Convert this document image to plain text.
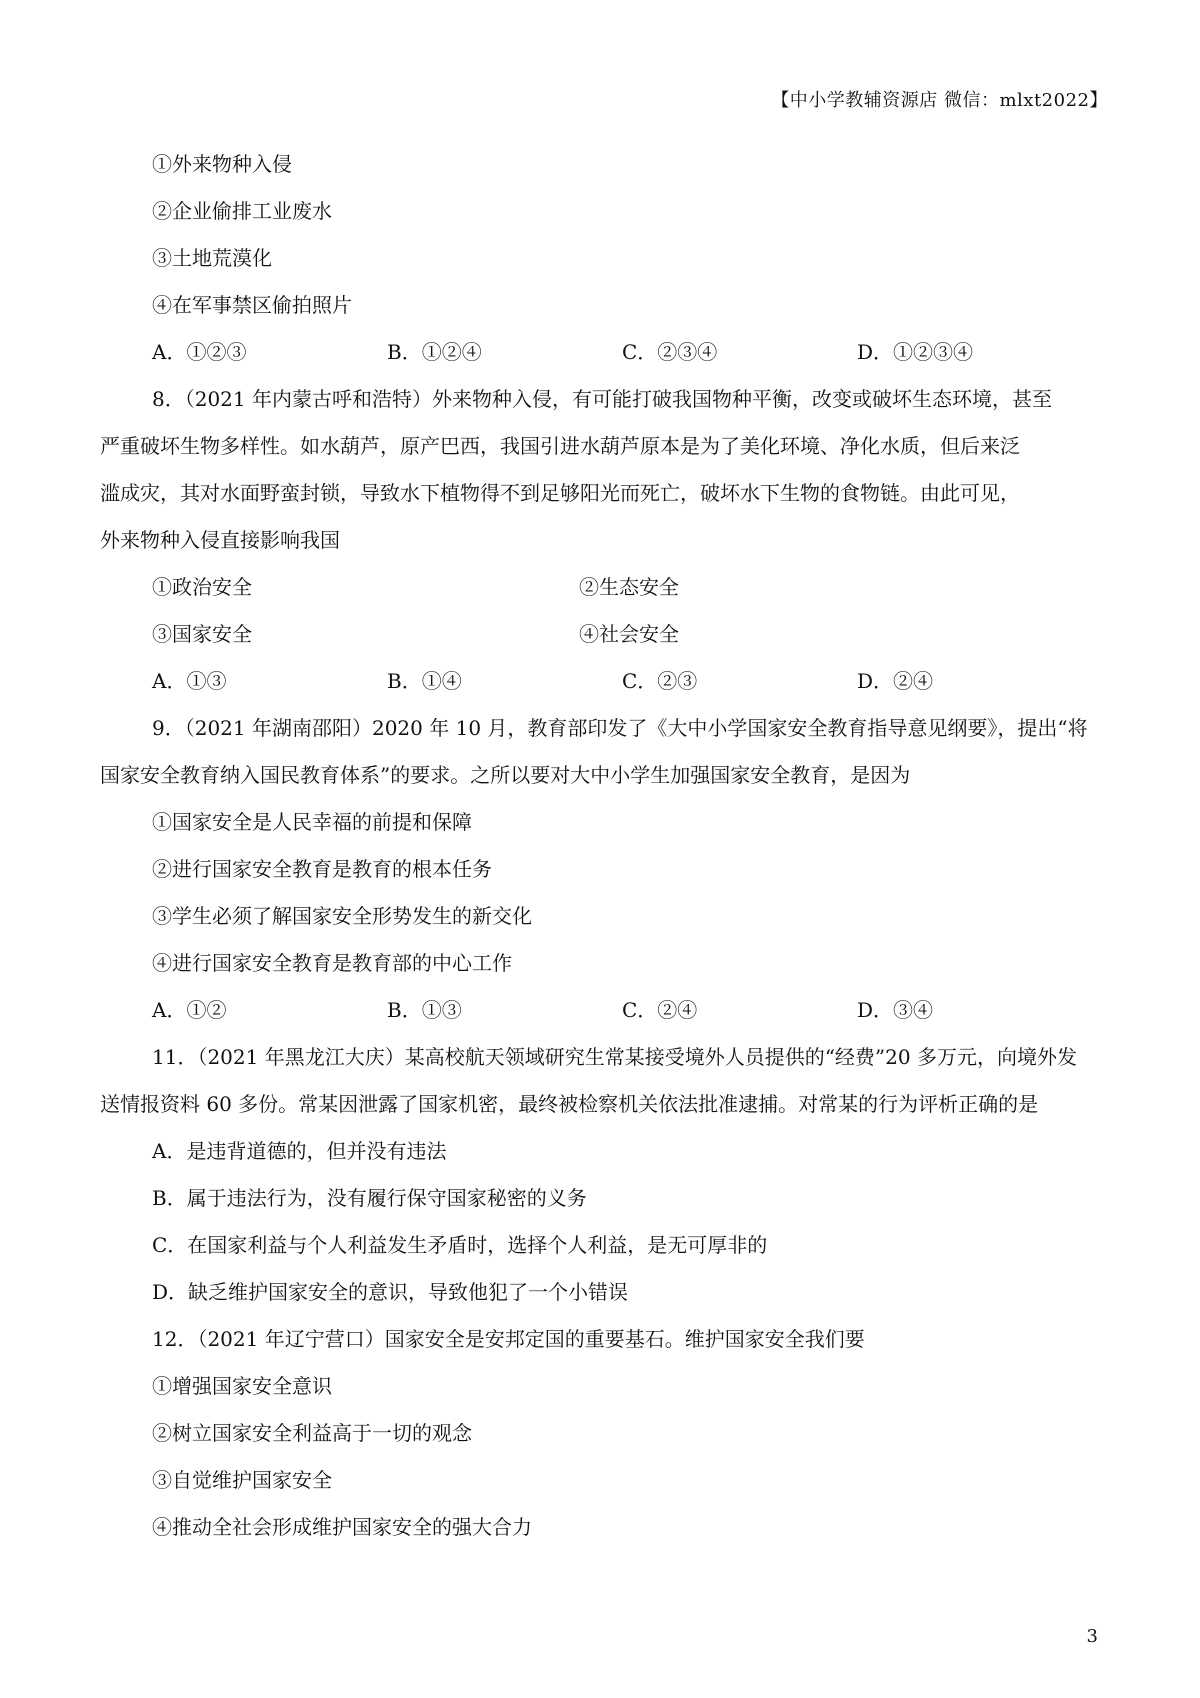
【中小学教辅资源店 微信：mlxt2022】
①外来物种入侵
②企业偷排工业废水
③土地荒漠化
④在军事禁区偷拍照片
A．①②③	B．①②④	C．②③④	D．①②③④
8．（2021 年内蒙古呼和浩特）外来物种入侵，有可能打破我国物种平衡，改变或破坏生态环境，甚至
严重破坏生物多样性。如水葫芦，原产巴西，我国引进水葫芦原本是为了美化环境、净化水质，但后来泛
滥成灾，其对水面野蛮封锁，导致水下植物得不到足够阳光而死亡，破坏水下生物的食物链。由此可见，
外来物种入侵直接影响我国
①政治安全	②生态安全
③国家安全	④社会安全
A．①③	B．①④	C．②③	D．②④
9．（2021 年湖南邵阳）2020 年 10 月，教育部印发了《大中小学国家安全教育指导意见纲要》，提出“将
国家安全教育纳入国民教育体系”的要求。之所以要对大中小学生加强国家安全教育，是因为
①国家安全是人民幸福的前提和保障
②进行国家安全教育是教育的根本任务
③学生必须了解国家安全形势发生的新交化
④进行国家安全教育是教育部的中心工作
A．①②	B．①③	C．②④	D．③④
11．（2021 年黑龙江大庆）某高校航天领域研究生常某接受境外人员提供的“经费”20 多万元，向境外发
送情报资料 60 多份。常某因泄露了国家机密，最终被检察机关依法批准逮捕。对常某的行为评析正确的是
A．是违背道德的，但并没有违法
B．属于违法行为，没有履行保守国家秘密的义务
C．在国家利益与个人利益发生矛盾时，选择个人利益，是无可厚非的
D．缺乏维护国家安全的意识，导致他犯了一个小错误
12．（2021 年辽宁营口）国家安全是安邦定国的重要基石。维护国家安全我们要
①增强国家安全意识
②树立国家安全利益高于一切的观念
③自觉维护国家安全
④推动全社会形成维护国家安全的强大合力
3
